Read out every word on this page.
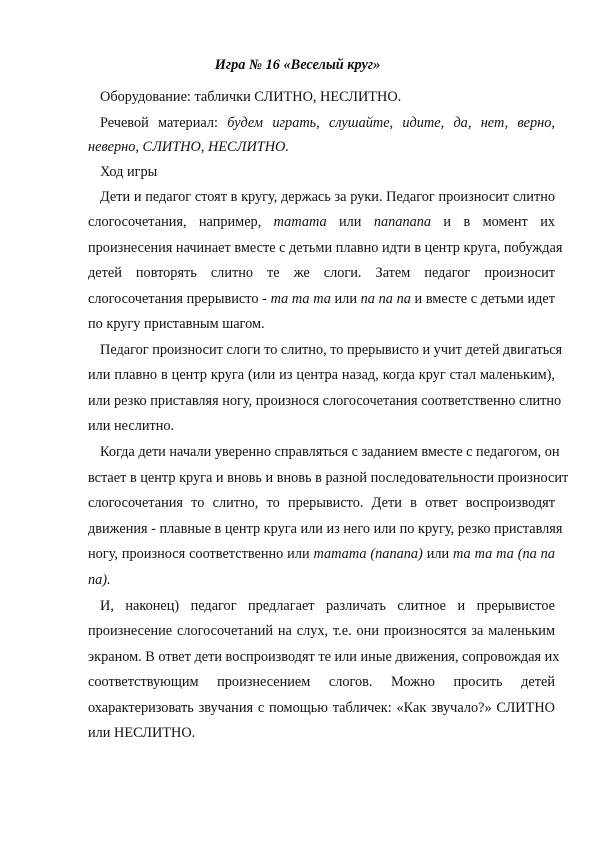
Игра № 16 «Веселый круг»
Оборудование: таблички СЛИТНО, НЕСЛИТНО.
Речевой материал: будем играть, слушайте, идите, да, нет, верно,
неверно, СЛИТНО, НЕСЛИТНО.
Ход игры
Дети и педагог стоят в кругу, держась за руки. Педагог произносит слитно
слогосочетания, например, татата или папапапа и в момент их
произнесения начинает вместе с детьми плавно идти в центр круга, побуждая
детей повторять слитно те же слоги. Затем педагог произносит
слогосочетания прерывисто - та та та или па па па и вместе с детьми идет
по кругу приставным шагом.
Педагог произносит слоги то слитно, то прерывисто и учит детей двигаться
или плавно в центр круга (или из центра назад, когда круг стал маленьким),
или резко приставляя ногу, произнося слогосочетания соответственно слитно
или неслитно.
Когда дети начали уверенно справляться с заданием вместе с педагогом, он
встает в центр круга и вновь и вновь в разной последовательности произносит
слогосочетания то слитно, то прерывисто. Дети в ответ воспроизводят
движения - плавные в центр круга или из него или по кругу, резко приставляя
ногу, произнося соответственно или татата (папапа) или та та та (па па
па).
И, наконец) педагог предлагает различать слитное и прерывистое
произнесение слогосочетаний на слух, т.е. они произносятся за маленьким
экраном. В ответ дети воспроизводят те или иные движения, сопровождая их
соответствующим произнесением слогов. Можно просить детей
охарактеризовать звучания с помощью табличек: «Как звучало?» СЛИТНО
или НЕСЛИТНО.
